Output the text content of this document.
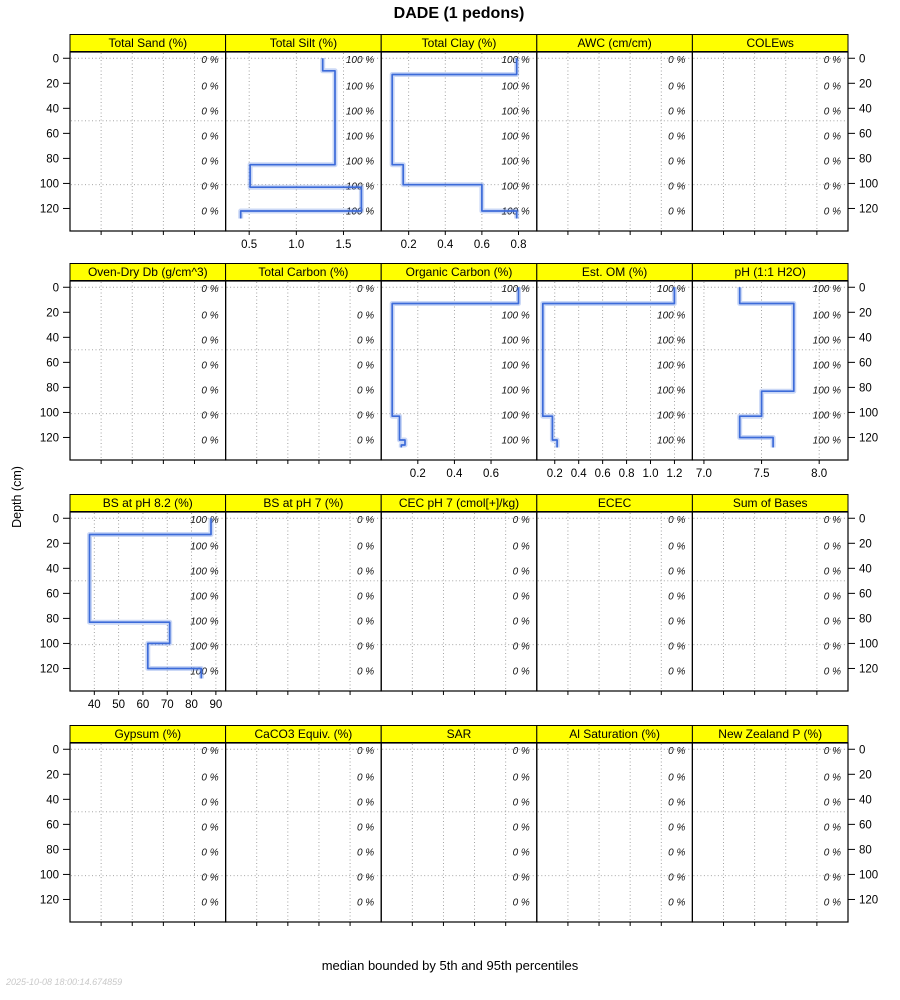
DADE (1 pedons)
Total Sand (%)
0 %
0 %
0 %
0 %
0 %
0 %
0 %
Total Silt (%)
100 %
100 %
100 %
100 %
100 %
100 %
100 %
0.5	1.0	1.5
Total Clay (%)
100 %
100 %
100 %
100 %
100 %
100 %
100 %
0.2 0.4 0.6 0.8
AWC (cm/cm)
0 %
0 %
0 %
0 %
0 %
0 %
0 %
COLEws
0 %
0 %
0 %
0 %
0 %
0 %
0 %
0	0
20	20
40	40
60	60
80	80
100	100
120	120
Oven-Dry Db (g/cm^3)
0 %
0 %
0 %
0 %
0 %
0 %
0 %
Total Carbon (%)
0 %
0 %
0 %
0 %
0 %
0 %
0 %
Organic Carbon (%)
100 %
100 %
100 %
100 %
100 %
100 %
100 %
0.2 0.4 0.6
Est. OM (%)
100 %
100 %
100 %
100 %
100 %
100 %
100 %
0.2 0.4 0.6 0.8 1.0 1.2
pH (1:1 H2O)
100 %
100 %
100 %
100 %
100 %
100 %
100 %
7.0	7.5	8.0
0	0
20	20
40	40
60	60
80	80
100	100
120	120
BS at pH 8.2 (%)
100 %
100 %
100 %
100 %
100 %
100 %
100 %
40 50 60 70 80 90
BS at pH 7 (%)
0 %
0 %
0 %
0 %
0 %
0 %
0 %
CEC pH 7 (cmol[+]/kg)
0 %
0 %
0 %
0 %
0 %
0 %
0 %
ECEC
0 %
0 %
0 %
0 %
0 %
0 %
0 %
Sum of Bases
0 %
0 %
0 %
0 %
0 %
0 %
0 %
0	0
20	20
40	40
60	60
80	80
100	100
120	120
Gypsum (%)
0 %
0 %
0 %
0 %
0 %
0 %
0 %
CaCO3 Equiv. (%)
0 %
0 %
0 %
0 %
0 %
0 %
0 %
SAR
0 %
0 %
0 %
0 %
0 %
0 %
0 %
Al Saturation (%)
0 %
0 %
0 %
0 %
0 %
0 %
0 %
New Zealand P (%)
0 %
0 %
0 %
0 %
0 %
0 %
0 %
0	0
20	20
40	40
60	60
80	80
100	100
120	120
Depth (cm)
median bounded by 5th and 95th percentiles
2025-10-08 18:00:14.674859
